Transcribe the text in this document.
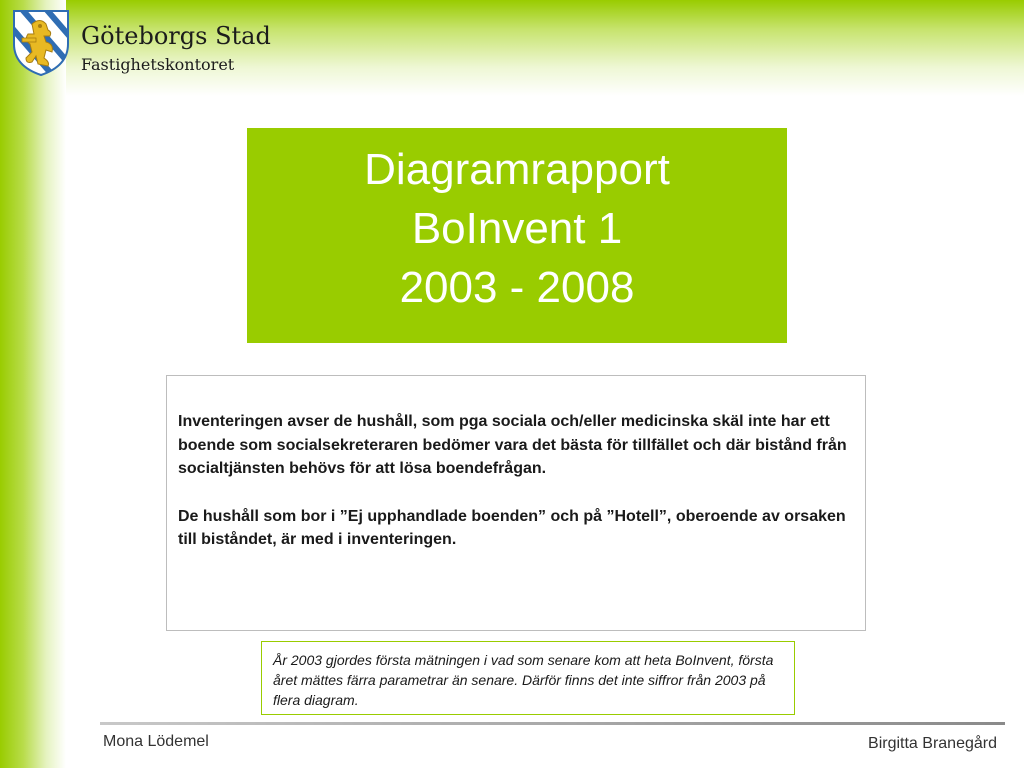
Göteborgs Stad
Fastighetskontoret
Diagramrapport
BoInvent 1
2003 - 2008

Inventeringen avser de hushåll, som pga sociala och/eller medicinska skäl inte har ett boende som socialsekreteraren bedömer vara det bästa för tillfället och där bistånd från socialtjänsten behövs för att lösa boendefrågan.

De hushåll som bor i ”Ej upphandlade boenden” och på ”Hotell”, oberoende av orsaken till biståndet, är med i inventeringen.

År 2003 gjordes första mätningen i vad som senare kom att heta BoInvent, första året mättes färra parametrar än senare. Därför finns det inte siffror från 2003 på flera diagram.

Mona Lödemel	Birgitta Branegård
